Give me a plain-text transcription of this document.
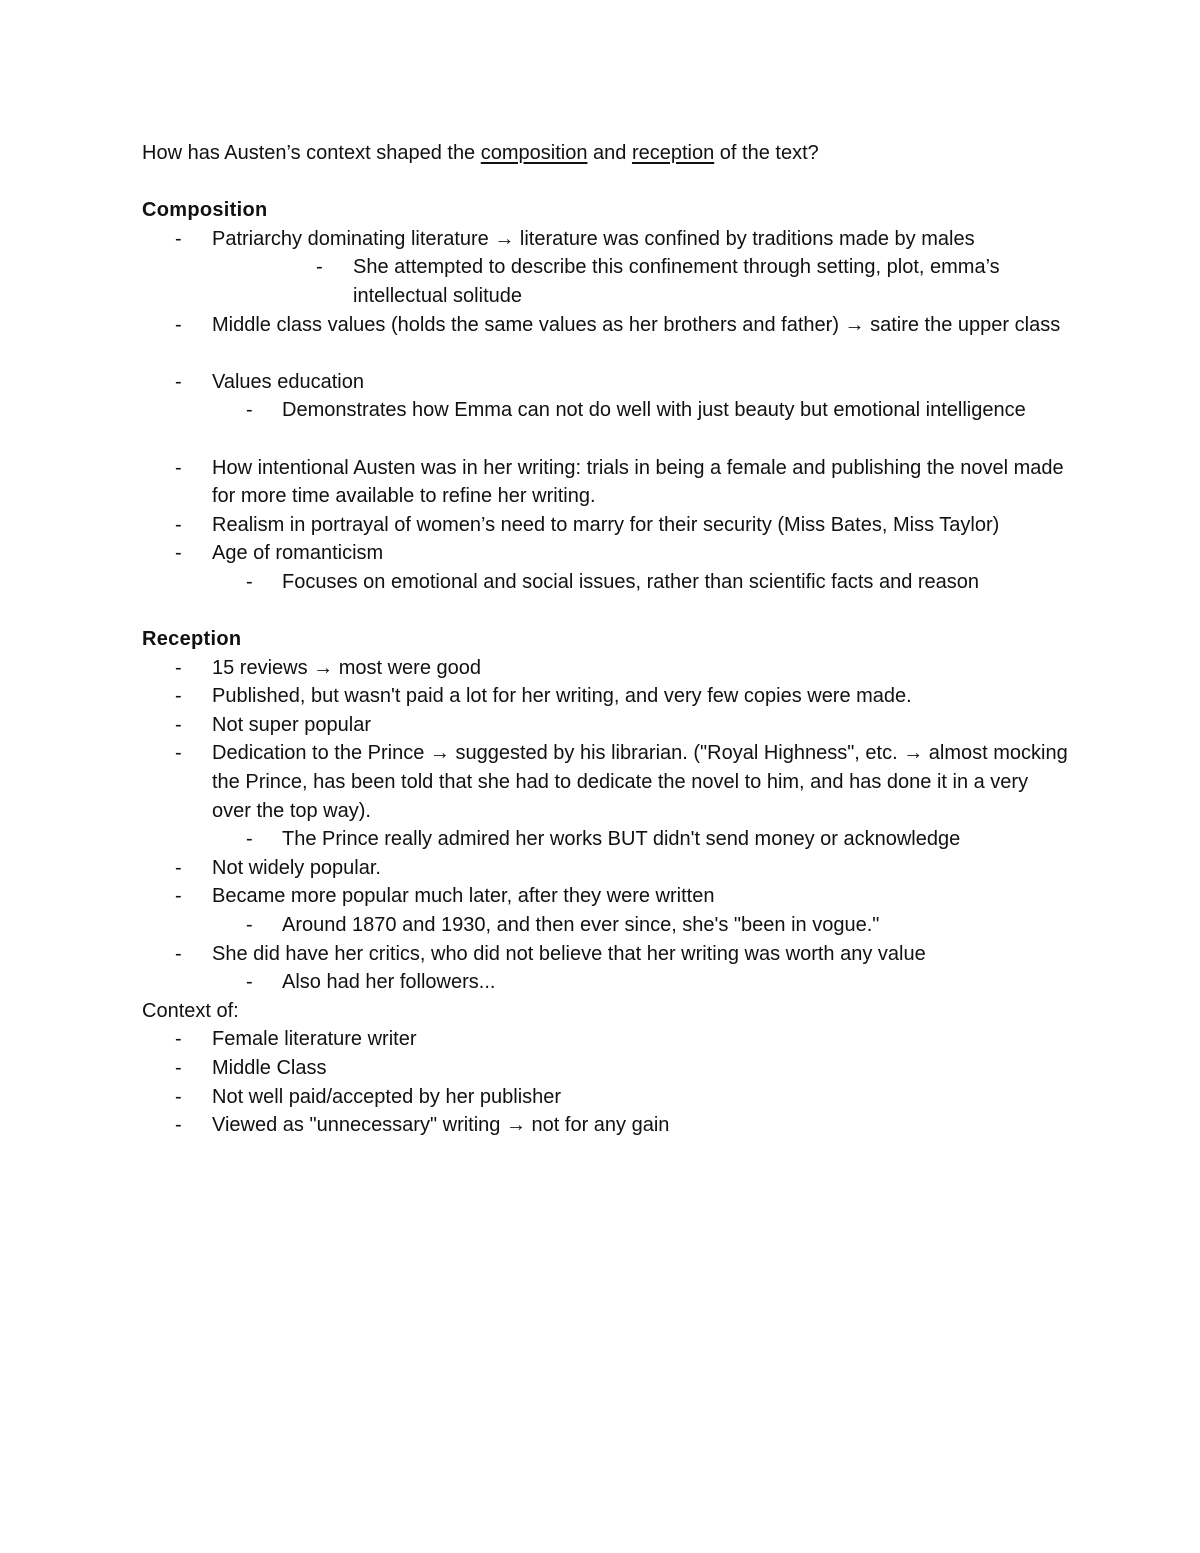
How has Austen’s context shaped the composition and reception of the text?

Composition

- Patriarchy dominating literature → literature was confined by traditions made by males
- She attempted to describe this confinement through setting, plot, emma’s intellectual solitude
- Middle class values (holds the same values as her brothers and father) → satire the upper class
- Values education
- Demonstrates how Emma can not do well with just beauty but emotional intelligence
- How intentional Austen was in her writing: trials in being a female and publishing the novel made for more time available to refine her writing.
- Realism in portrayal of women’s need to marry for their security (Miss Bates, Miss Taylor)
- Age of romanticism
- Focuses on emotional and social issues, rather than scientific facts and reason

Reception

- 15 reviews → most were good
- Published, but wasn't paid a lot for her writing, and very few copies were made.
- Not super popular
- Dedication to the Prince → suggested by his librarian. ("Royal Highness", etc. → almost mocking the Prince, has been told that she had to dedicate the novel to him, and has done it in a very over the top way).
- The Prince really admired her works BUT didn't send money or acknowledge
- Not widely popular.
- Became more popular much later, after they were written
- Around 1870 and 1930, and then ever since, she's "been in vogue."
- She did have her critics, who did not believe that her writing was worth any value
- Also had her followers...

Context of:

- Female literature writer
- Middle Class
- Not well paid/accepted by her publisher
- Viewed as "unnecessary" writing → not for any gain
